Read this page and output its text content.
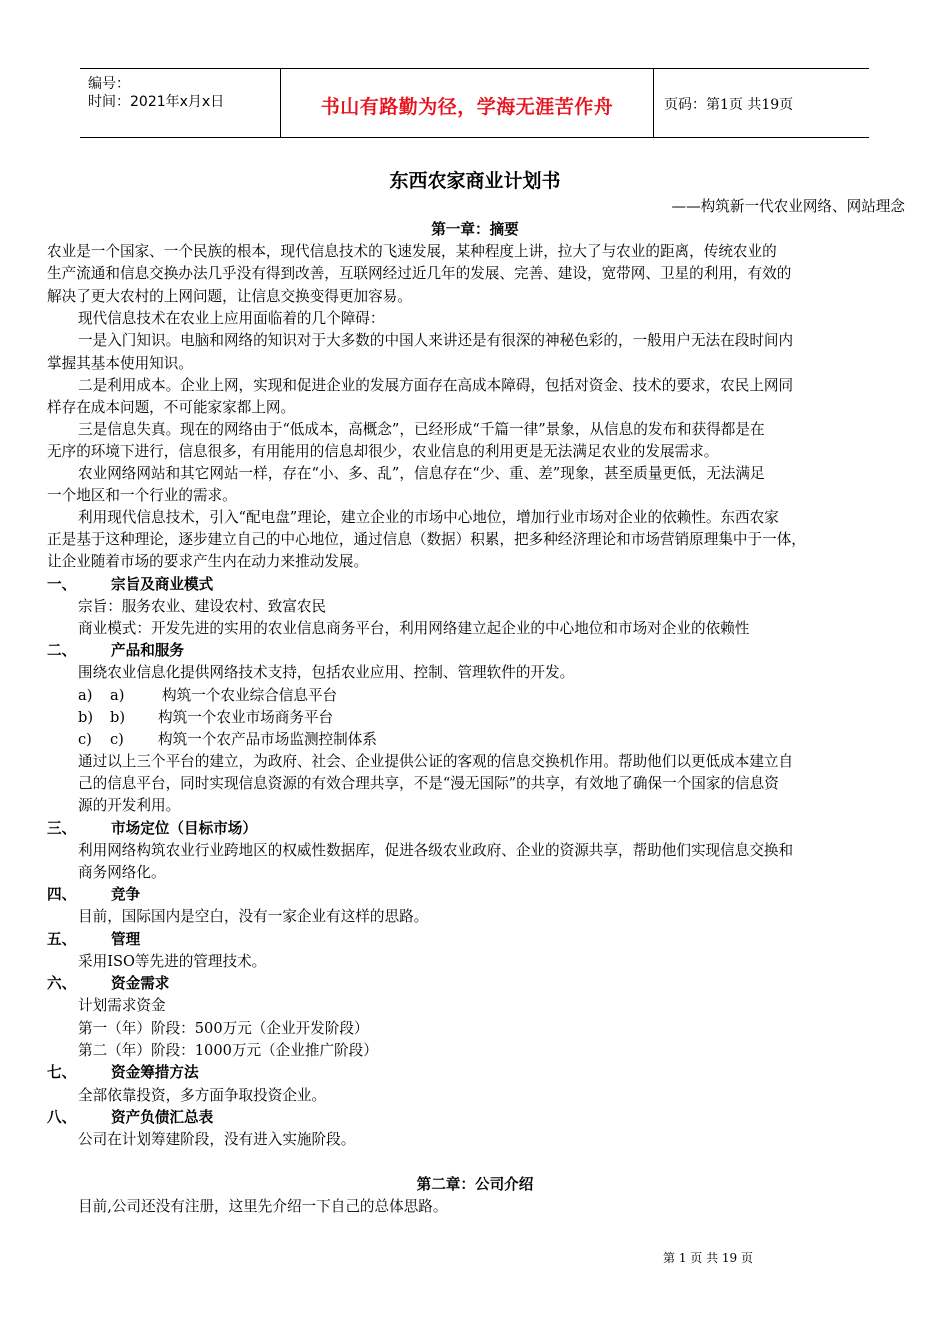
编号：
时间：2021年x月x日	书山有路勤为径，学海无涯苦作舟	页码：第1页 共19页
东西农家商业计划书
——构筑新一代农业网络、网站理念
第一章：摘要
农业是一个国家、一个民族的根本，现代信息技术的飞速发展，某种程度上讲，拉大了与农业的距离，传统农业的
生产流通和信息交换办法几乎没有得到改善，互联网经过近几年的发展、完善、建设，宽带网、卫星的利用，有效的
解决了更大农村的上网问题，让信息交换变得更加容易。
现代信息技术在农业上应用面临着的几个障碍：
一是入门知识。电脑和网络的知识对于大多数的中国人来讲还是有很深的神秘色彩的，一般用户无法在段时间内
掌握其基本使用知识。
二是利用成本。企业上网，实现和促进企业的发展方面存在高成本障碍，包括对资金、技术的要求，农民上网同
样存在成本问题，不可能家家都上网。
三是信息失真。现在的网络由于“低成本，高概念”，已经形成“千篇一律”景象，从信息的发布和获得都是在
无序的环境下进行，信息很多，有用能用的信息却很少，农业信息的利用更是无法满足农业的发展需求。
农业网络网站和其它网站一样，存在“小、多、乱”，信息存在“少、重、差”现象，甚至质量更低，无法满足
一个地区和一个行业的需求。
利用现代信息技术，引入“配电盘”理论，建立企业的市场中心地位，增加行业市场对企业的依赖性。东西农家
正是基于这种理论，逐步建立自己的中心地位，通过信息（数据）积累，把多种经济理论和市场营销原理集中于一体，
让企业随着市场的要求产生内在动力来推动发展。
一、 宗旨及商业模式
宗旨：服务农业、建设农村、致富农民
商业模式：开发先进的实用的农业信息商务平台，利用网络建立起企业的中心地位和市场对企业的依赖性
二、 产品和服务
围绕农业信息化提供网络技术支持，包括农业应用、控制、管理软件的开发。
a) a)	构筑一个农业综合信息平台
b) b) 构筑一个农业市场商务平台
c) c) 构筑一个农产品市场监测控制体系
通过以上三个平台的建立，为政府、社会、企业提供公证的客观的信息交换机作用。帮助他们以更低成本建立自
己的信息平台，同时实现信息资源的有效合理共享，不是“漫无国际”的共享，有效地了确保一个国家的信息资
源的开发利用。
三、 市场定位（目标市场）
利用网络构筑农业行业跨地区的权威性数据库，促进各级农业政府、企业的资源共享，帮助他们实现信息交换和
商务网络化。
四、 竞争
目前，国际国内是空白，没有一家企业有这样的思路。
五、 管理
采用ISO等先进的管理技术。
六、 资金需求
计划需求资金
第一（年）阶段：500万元（企业开发阶段）
第二（年）阶段：1000万元（企业推广阶段）
七、 资金筹措方法
全部依靠投资，多方面争取投资企业。
八、 资产负债汇总表
公司在计划筹建阶段，没有进入实施阶段。
第二章：公司介绍
目前,公司还没有注册，这里先介绍一下自己的总体思路。
第 1 页 共 19 页
